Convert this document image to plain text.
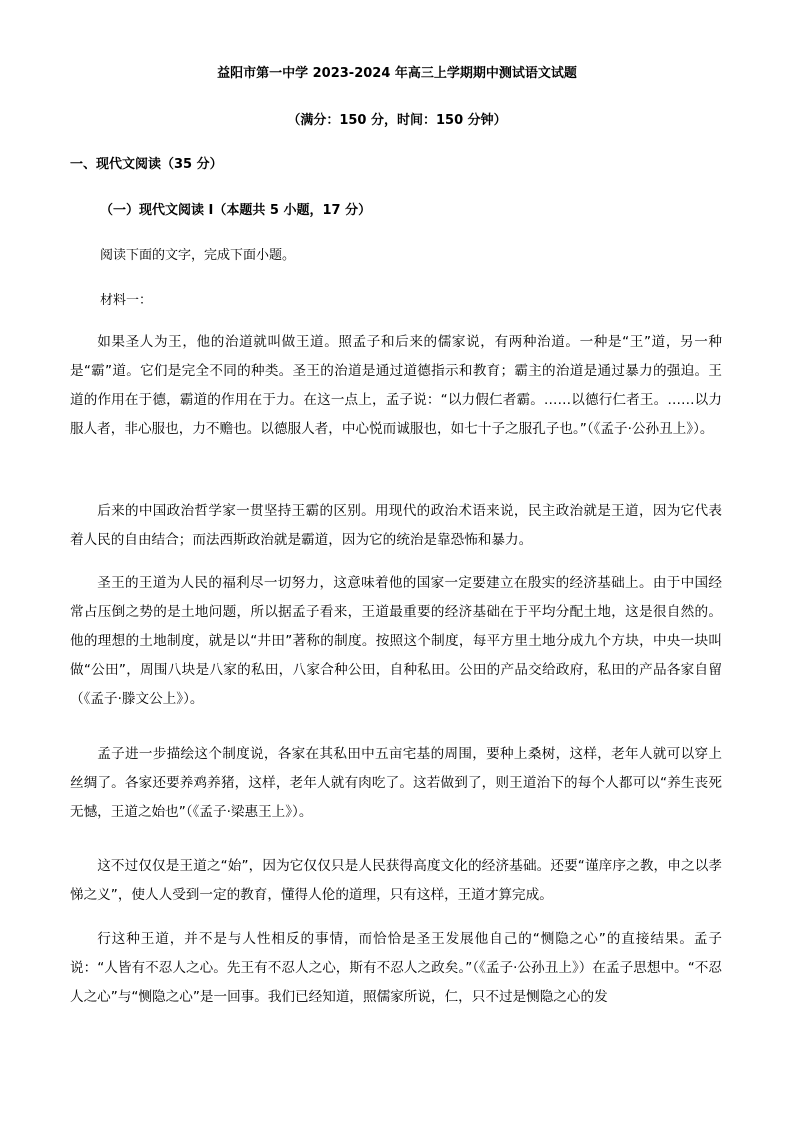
益阳市第一中学 2023-2024 年高三上学期期中测试语文试题
（满分：150 分，时间：150 分钟）
一、现代文阅读（35 分）
（一）现代文阅读 I（本题共 5 小题，17 分）
阅读下面的文字，完成下面小题。
材料一：

如果圣人为王，他的治道就叫做王道。照孟子和后来的儒家说，有两种治道。一种是“王”道，另一种是“霸”道。它们是完全不同的种类。圣王的治道是通过道德指示和教育；霸主的治道是通过暴力的强迫。王道的作用在于德，霸道的作用在于力。在这一点上，孟子说：“以力假仁者霸。……以德行仁者王。……以力服人者，非心服也，力不赡也。以德服人者，中心悦而诚服也，如七十子之服孔子也。”（《孟子·公孙丑上》）。

后来的中国政治哲学家一贯坚持王霸的区别。用现代的政治术语来说，民主政治就是王道，因为它代表着人民的自由结合；而法西斯政治就是霸道，因为它的统治是靠恐怖和暴力。

圣王的王道为人民的福利尽一切努力，这意味着他的国家一定要建立在殷实的经济基础上。由于中国经常占压倒之势的是土地问题，所以据孟子看来，王道最重要的经济基础在于平均分配土地，这是很自然的。他的理想的土地制度，就是以“井田”著称的制度。按照这个制度，每平方里土地分成九个方块，中央一块叫做“公田”，周围八块是八家的私田，八家合种公田，自种私田。公田的产品交给政府，私田的产品各家自留（《孟子·滕文公上》）。

孟子进一步描绘这个制度说，各家在其私田中五亩宅基的周围，要种上桑树，这样，老年人就可以穿上丝绸了。各家还要养鸡养猪，这样，老年人就有肉吃了。这若做到了，则王道治下的每个人都可以“养生丧死无憾，王道之始也”（《孟子·梁惠王上》）。

这不过仅仅是王道之“始”，因为它仅仅只是人民获得高度文化的经济基础。还要“谨庠序之教，申之以孝悌之义”，使人人受到一定的教育，懂得人伦的道理，只有这样，王道才算完成。

行这种王道，并不是与人性相反的事情，而恰恰是圣王发展他自己的“恻隐之心”的直接结果。孟子说：“人皆有不忍人之心。先王有不忍人之心，斯有不忍人之政矣。”（《孟子·公孙丑上》）在孟子思想中。“不忍人之心”与“恻隐之心”是一回事。我们已经知道，照儒家所说，仁，只不过是恻隐之心的发
